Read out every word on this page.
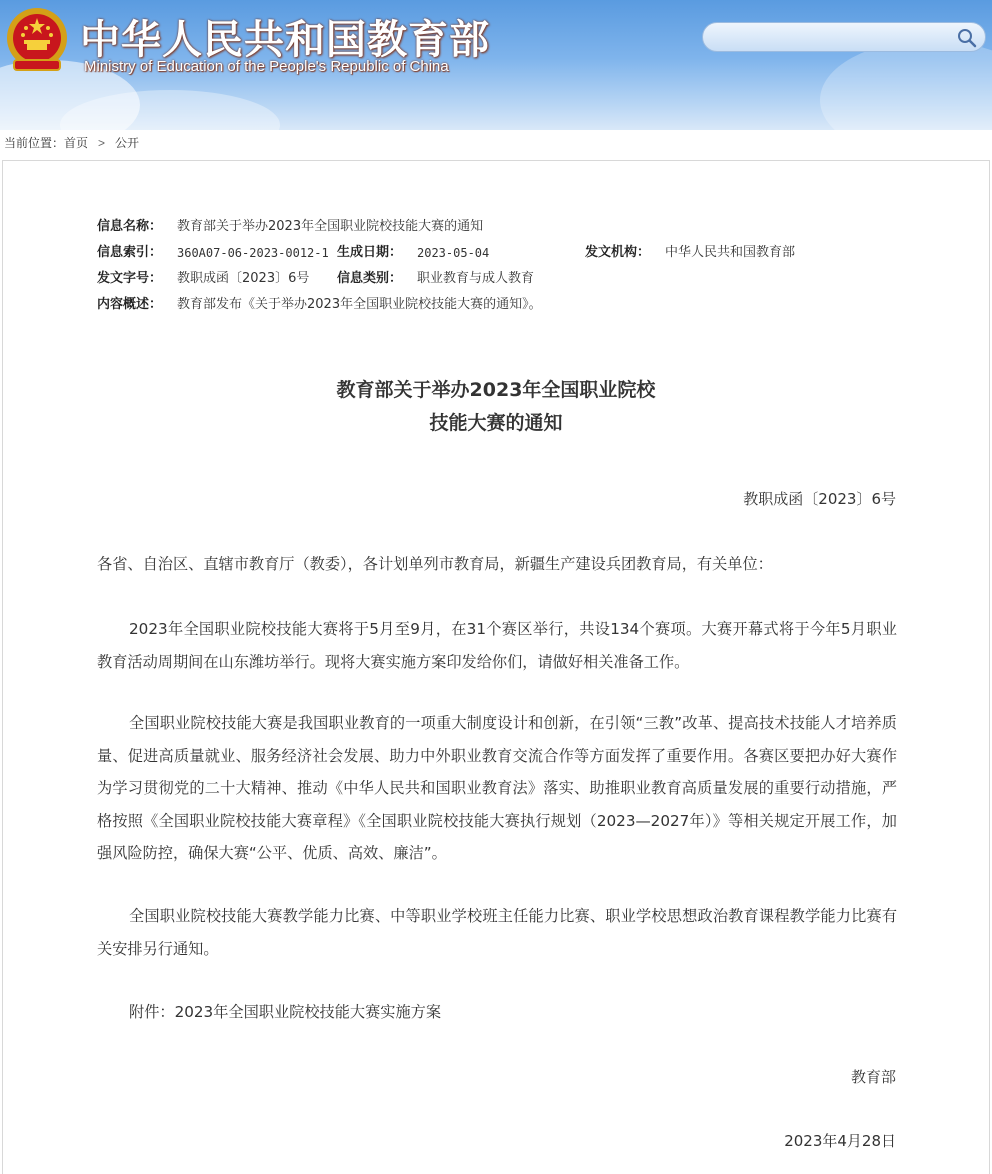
中华人民共和国教育部
Ministry of Education of the People's Republic of China
当前位置：首页 > 公开
信息名称： 教育部关于举办2023年全国职业院校技能大赛的通知
信息索引： 360A07-06-2023-0012-1 生成日期： 2023-05-04	发文机构： 中华人民共和国教育部
发文字号： 教职成函〔2023〕6号 信息类别： 职业教育与成人教育
内容概述： 教育部发布《关于举办2023年全国职业院校技能大赛的通知》。
教育部关于举办2023年全国职业院校
技能大赛的通知
教职成函〔2023〕6号
各省、自治区、直辖市教育厅（教委），各计划单列市教育局，新疆生产建设兵团教育局，有关单位：
2023年全国职业院校技能大赛将于5月至9月，在31个赛区举行，共设134个赛项。大赛开幕式将于今年5月职业教育活动周期间在山东潍坊举行。现将大赛实施方案印发给你们，请做好相关准备工作。
全国职业院校技能大赛是我国职业教育的一项重大制度设计和创新，在引领“三教”改革、提高技术技能人才培养质量、促进高质量就业、服务经济社会发展、助力中外职业教育交流合作等方面发挥了重要作用。各赛区要把办好大赛作为学习贯彻党的二十大精神、推动《中华人民共和国职业教育法》落实、助推职业教育高质量发展的重要行动措施，严格按照《全国职业院校技能大赛章程》《全国职业院校技能大赛执行规划（2023—2027年）》等相关规定开展工作，加强风险防控，确保大赛“公平、优质、高效、廉洁”。
全国职业院校技能大赛教学能力比赛、中等职业学校班主任能力比赛、职业学校思想政治教育课程教学能力比赛有关安排另行通知。
附件：2023年全国职业院校技能大赛实施方案
教育部
2023年4月28日
